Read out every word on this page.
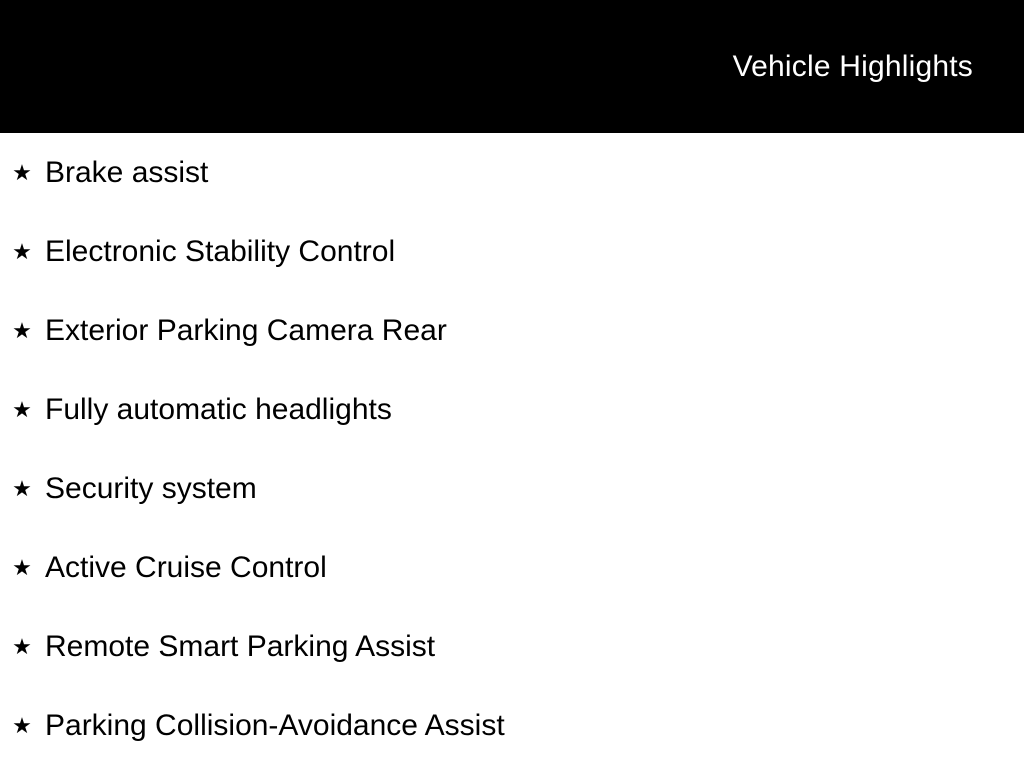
Vehicle Highlights
★ Brake assist
★ Electronic Stability Control
★ Exterior Parking Camera Rear
★ Fully automatic headlights
★ Security system
★ Active Cruise Control
★ Remote Smart Parking Assist
★ Parking Collision-Avoidance Assist
